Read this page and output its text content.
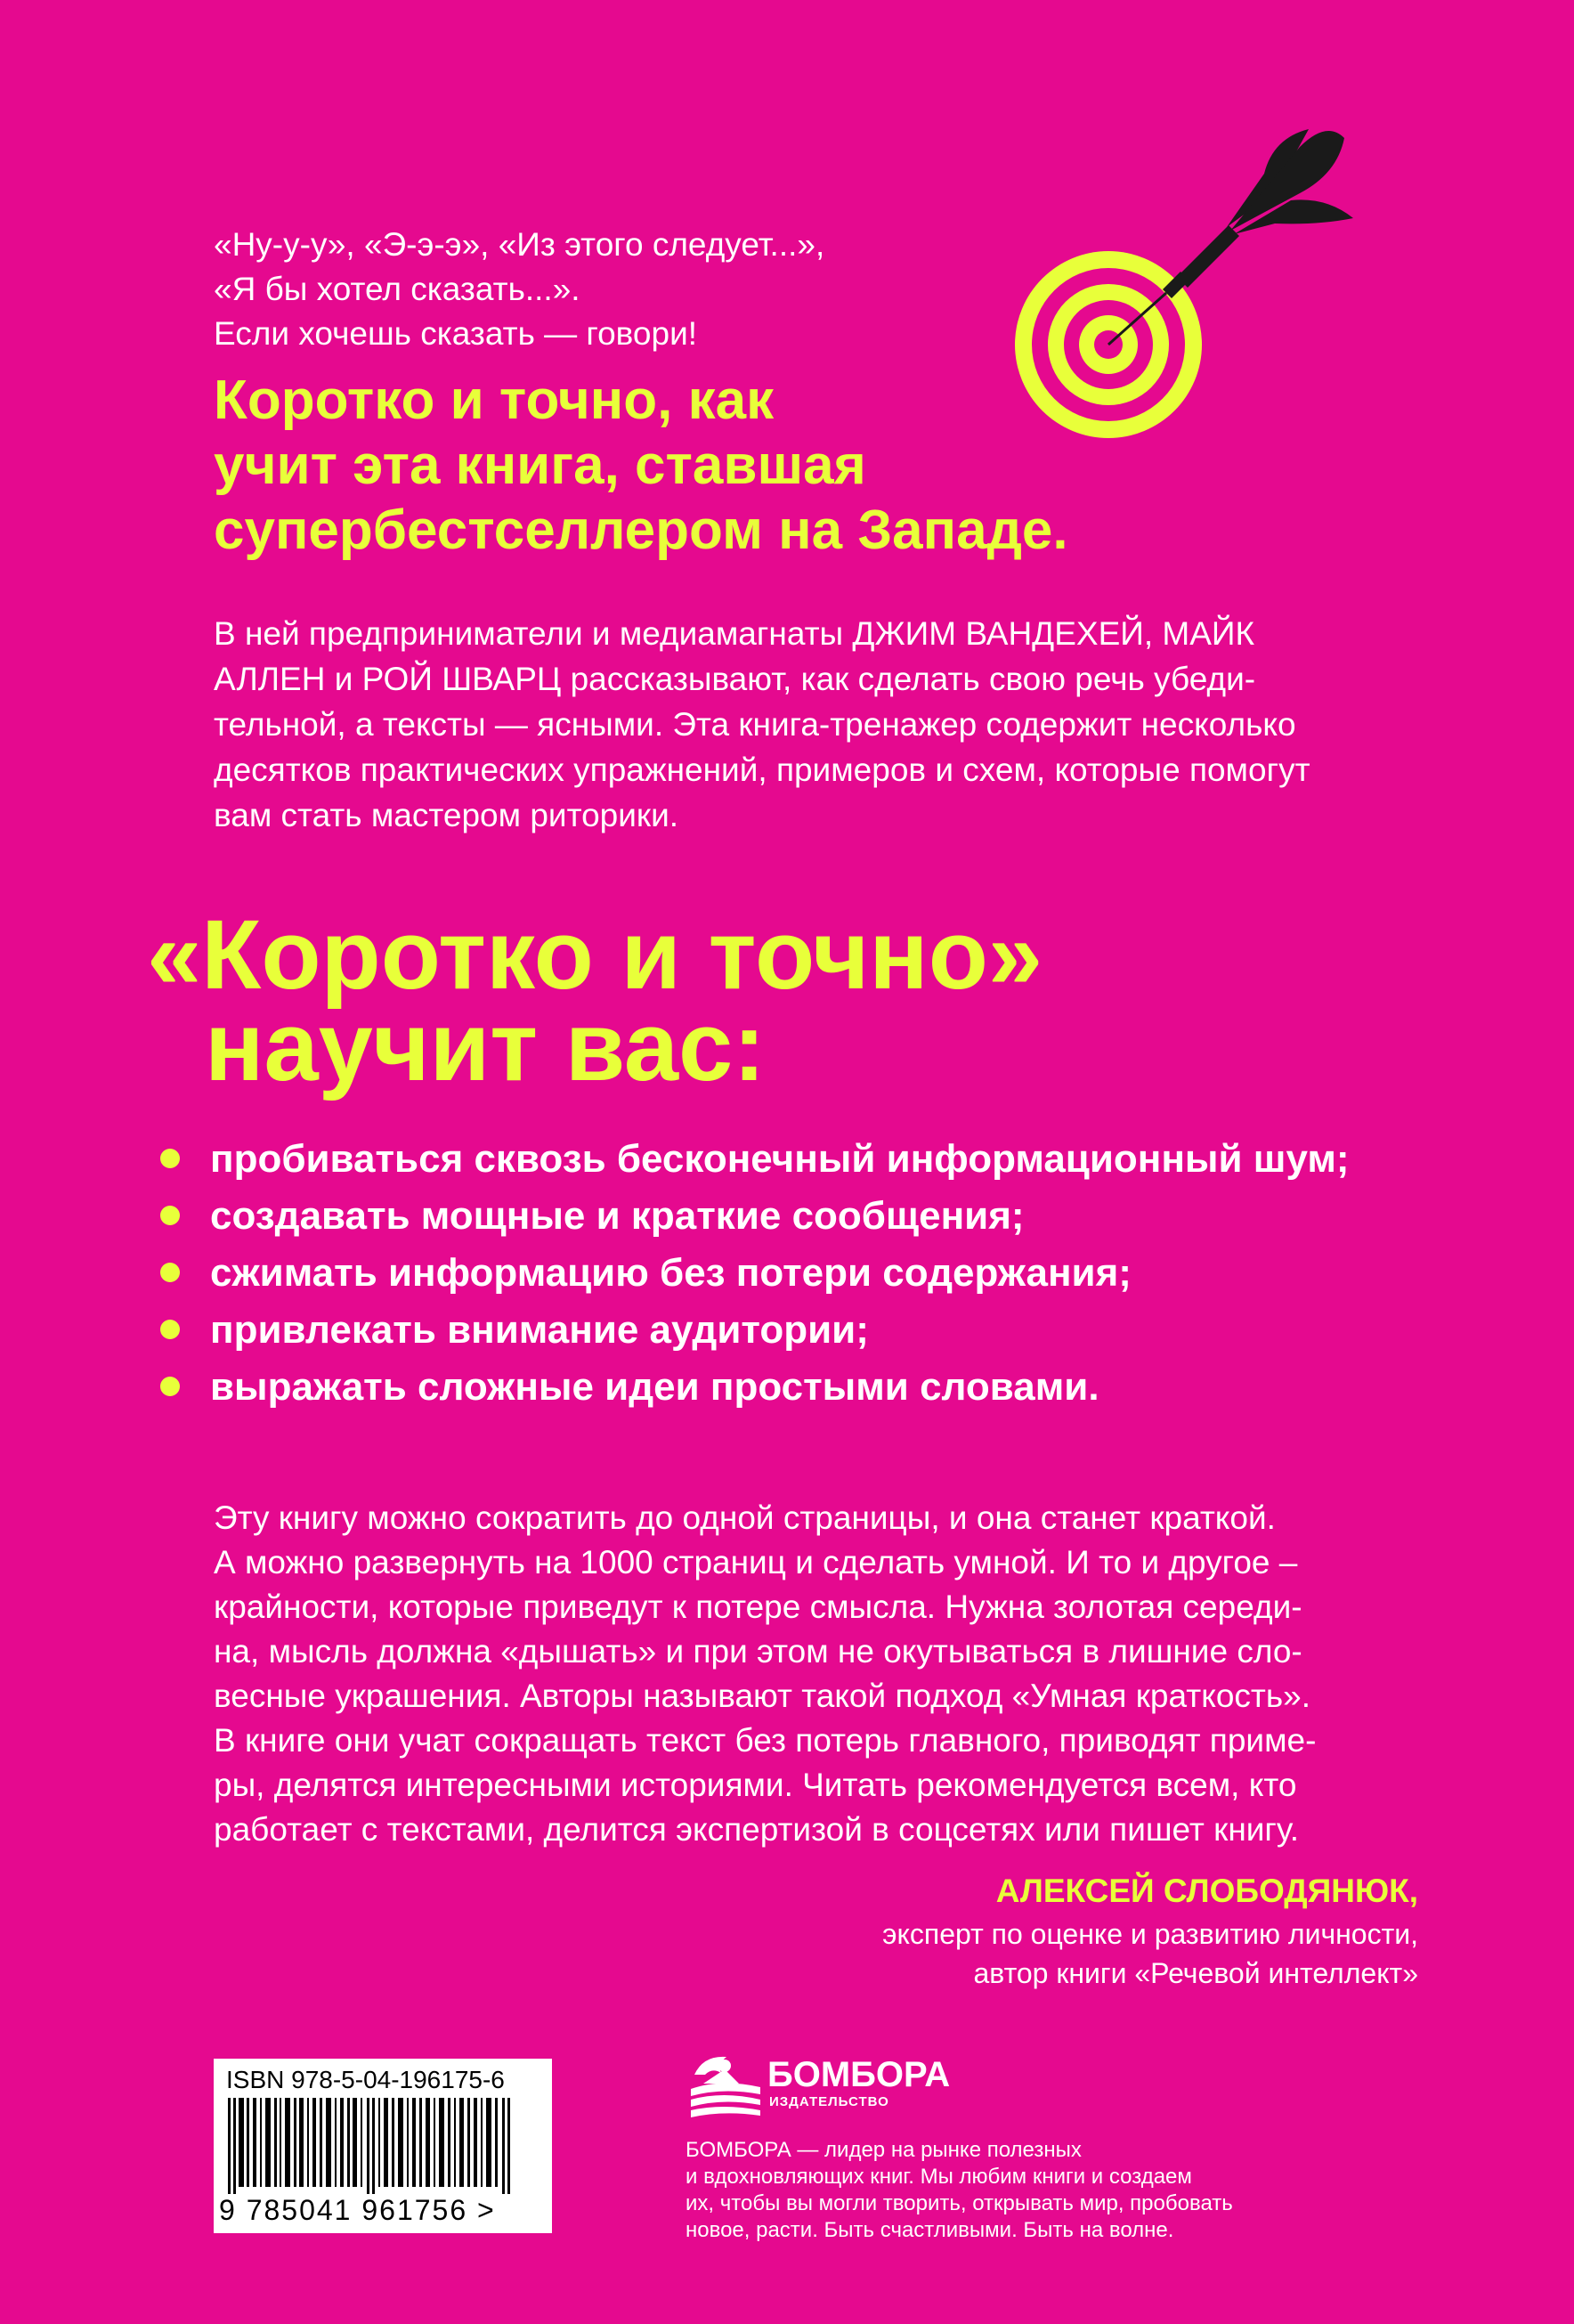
«Ну-у-у», «Э-э-э», «Из этого следует...»,
«Я бы хотел сказать...».
Если хочешь сказать — говори!
Коротко и точно, как
учит эта книга, ставшая
супербестселлером на Западе.
В ней предприниматели и медиамагнаты ДЖИМ ВАНДЕХЕЙ, МАЙК
АЛЛЕН и РОЙ ШВАРЦ рассказывают, как сделать свою речь убеди-
тельной, а тексты — ясными. Эта книга-тренажер содержит несколько
десятков практических упражнений, примеров и схем, которые помогут
вам стать мастером риторики.
«Коротко и точно»
научит вас:
пробиваться сквозь бесконечный информационный шум;
создавать мощные и краткие сообщения;
сжимать информацию без потери содержания;
привлекать внимание аудитории;
выражать сложные идеи простыми словами.
Эту книгу можно сократить до одной страницы, и она станет краткой.
А можно развернуть на 1000 страниц и сделать умной. И то и другое –
крайности, которые приведут к потере смысла. Нужна золотая середи-
на, мысль должна «дышать» и при этом не окутываться в лишние сло-
весные украшения. Авторы называют такой подход «Умная краткость».
В книге они учат сокращать текст без потерь главного, приводят приме-
ры, делятся интересными историями. Читать рекомендуется всем, кто
работает с текстами, делится экспертизой в соцсетях или пишет книгу.
АЛЕКСЕЙ СЛОБОДЯНЮК,
эксперт по оценке и развитию личности,
автор книги «Речевой интеллект»
ISBN 978-5-04-196175-6
9 785041 961756 >
БОМБОРА
ИЗДАТЕЛЬСТВО
БОМБОРА — лидер на рынке полезных
и вдохновляющих книг. Мы любим книги и создаем
их, чтобы вы могли творить, открывать мир, пробовать
новое, расти. Быть счастливыми. Быть на волне.
